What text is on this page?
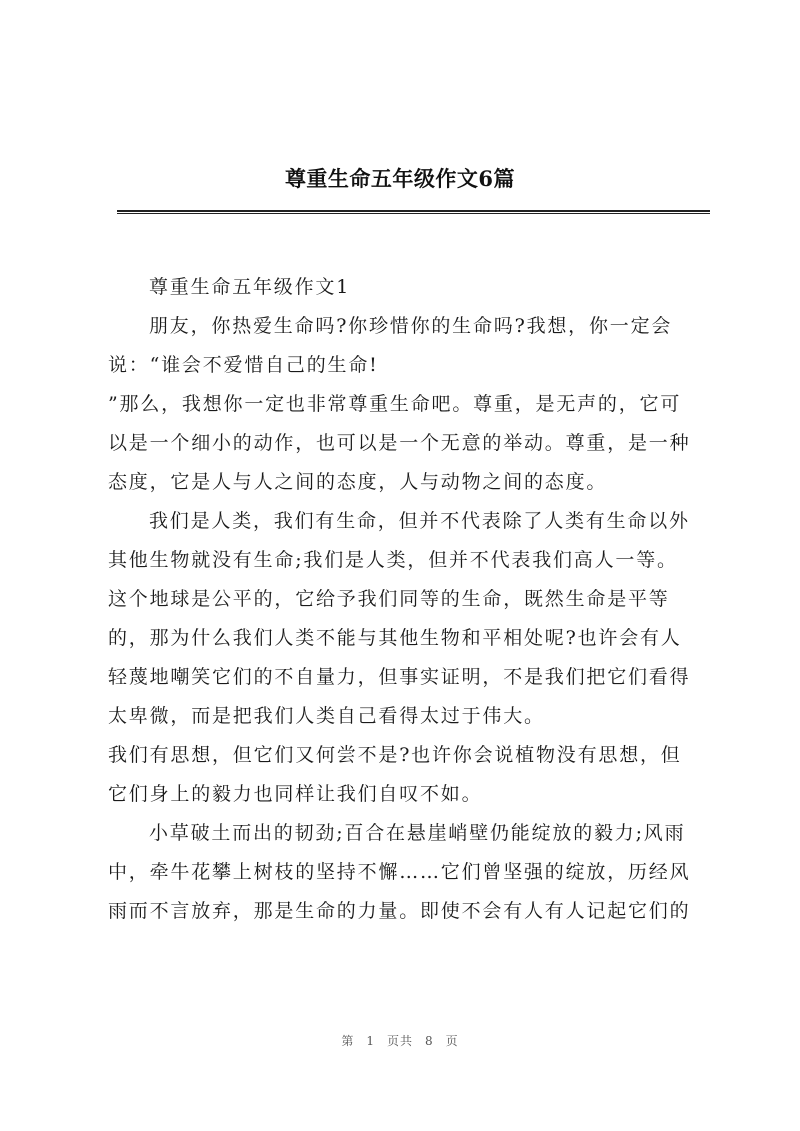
尊重生命五年级作文6篇
尊重生命五年级作文1
朋友，你热爱生命吗?你珍惜你的生命吗?我想，你一定会
说：“谁会不爱惜自己的生命!
”那么，我想你一定也非常尊重生命吧。尊重，是无声的，它可
以是一个细小的动作，也可以是一个无意的举动。尊重，是一种
态度，它是人与人之间的态度，人与动物之间的态度。
我们是人类，我们有生命，但并不代表除了人类有生命以外
其他生物就没有生命;我们是人类，但并不代表我们高人一等。
这个地球是公平的，它给予我们同等的生命，既然生命是平等
的，那为什么我们人类不能与其他生物和平相处呢?也许会有人
轻蔑地嘲笑它们的不自量力，但事实证明，不是我们把它们看得
太卑微，而是把我们人类自己看得太过于伟大。
我们有思想，但它们又何尝不是?也许你会说植物没有思想，但
它们身上的毅力也同样让我们自叹不如。
小草破土而出的韧劲;百合在悬崖峭壁仍能绽放的毅力;风雨
中，牵牛花攀上树枝的坚持不懈……它们曾坚强的绽放，历经风
雨而不言放弃，那是生命的力量。即使不会有人有人记起它们的
第 1 页共 8 页
